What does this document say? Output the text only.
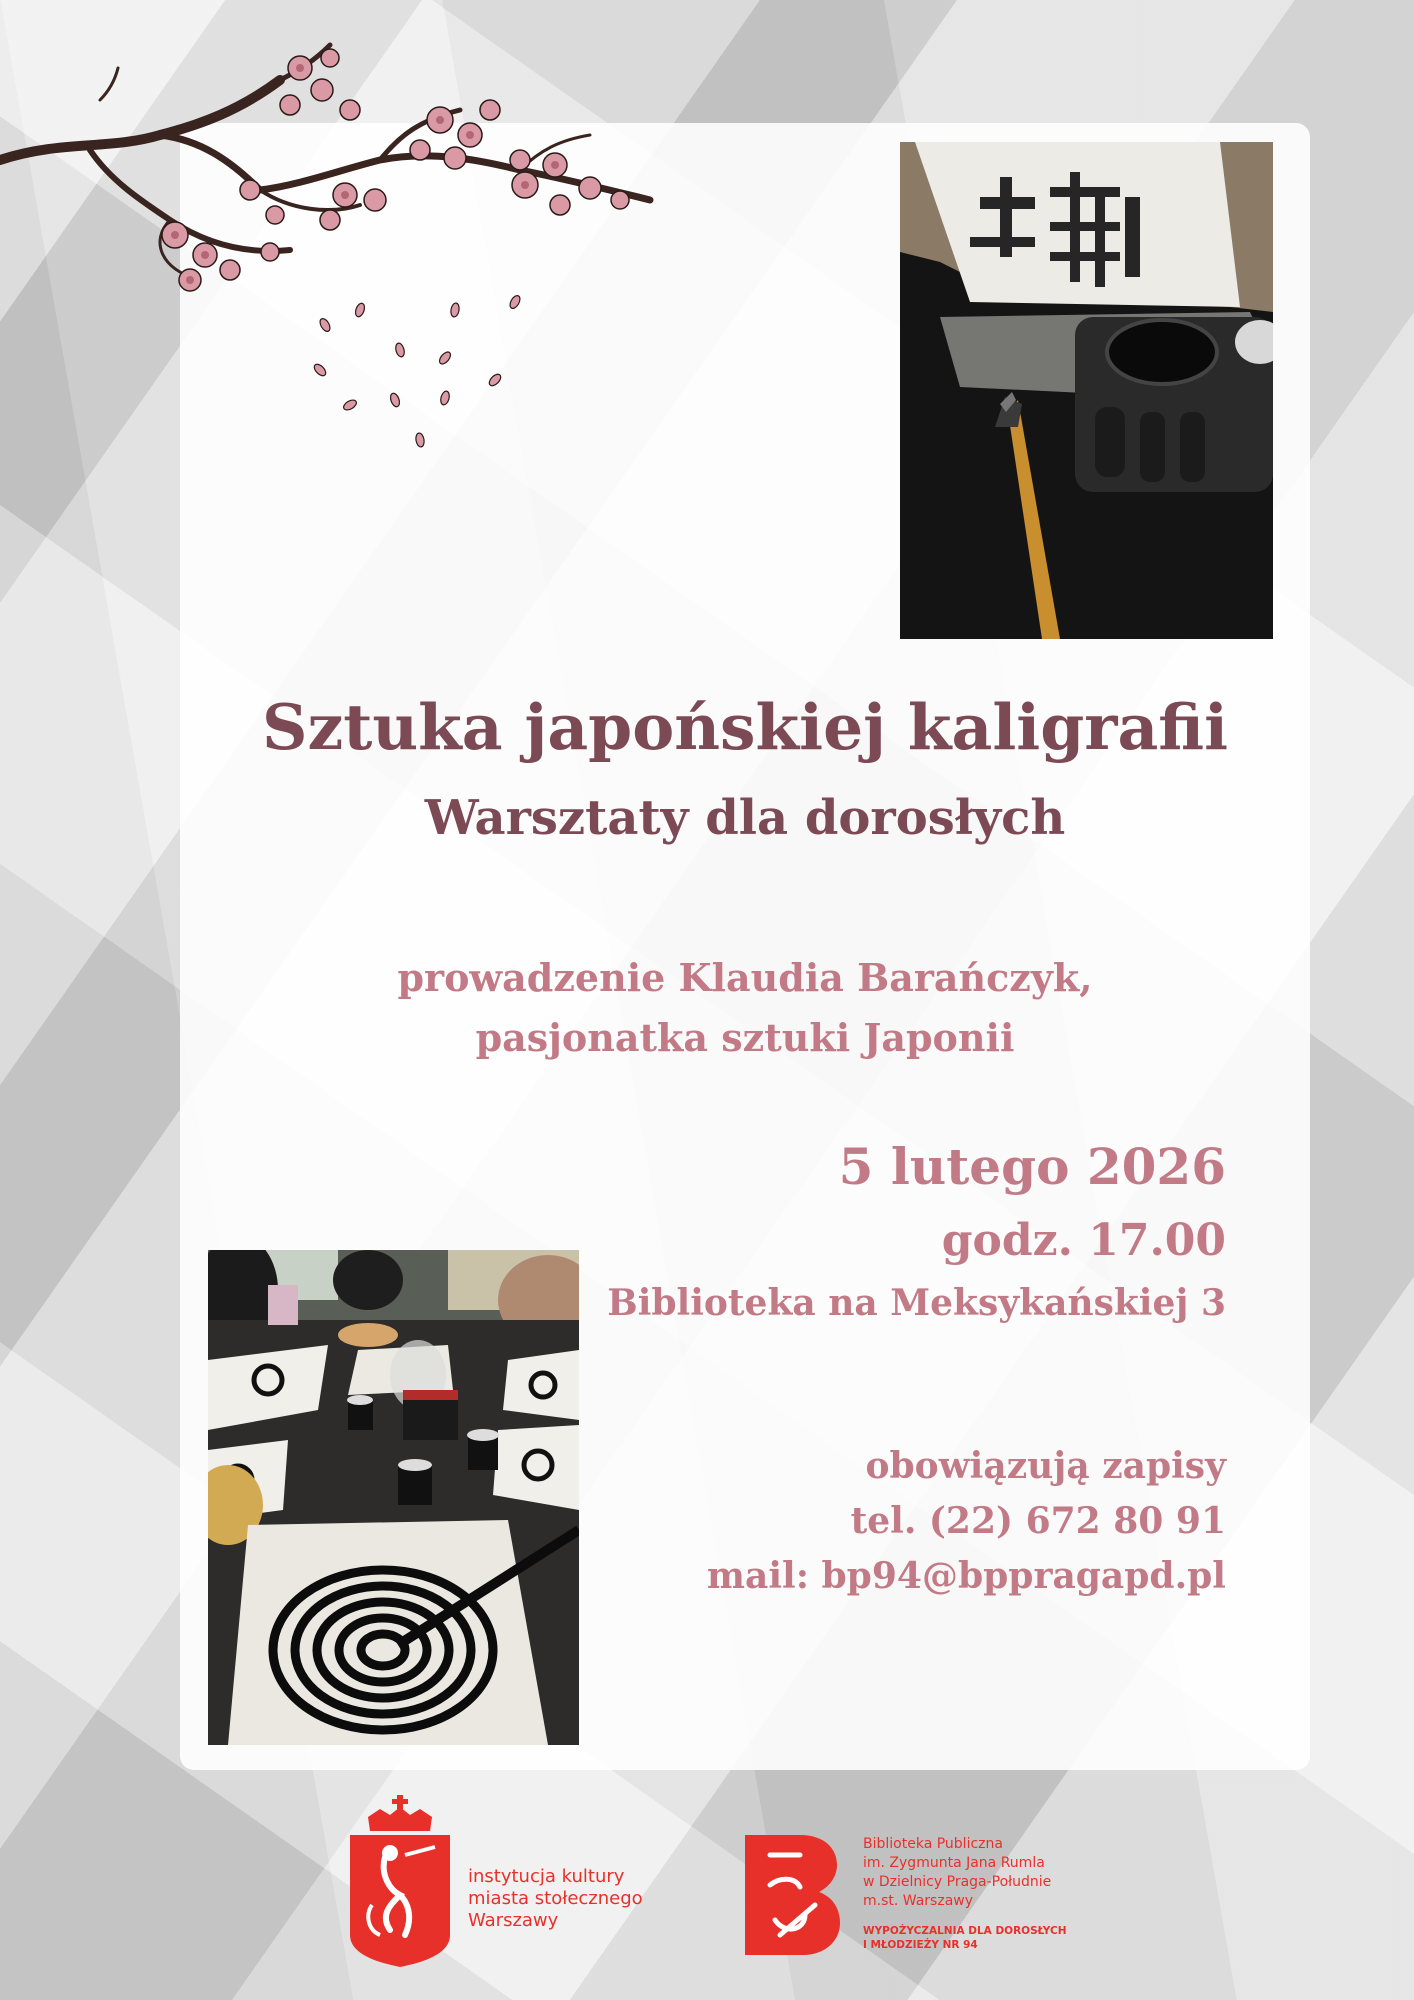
Sztuka japońskiej kaligrafii
Warsztaty dla dorosłych
prowadzenie Klaudia Barańczyk,
pasjonatka sztuki Japonii
5 lutego 2026
godz. 17.00
Biblioteka na Meksykańskiej 3
obowiązują zapisy
tel. (22) 672 80 91
mail: bp94@bppragapd.pl
instytucja kultury
miasta stołecznego
Warszawy
Biblioteka Publiczna
im. Zygmunta Jana Rumla
w Dzielnicy Praga-Południe
m.st. Warszawy
WYPOŻYCZALNIA DLA DOROSŁYCH
I MŁODZIEŻY NR 94
